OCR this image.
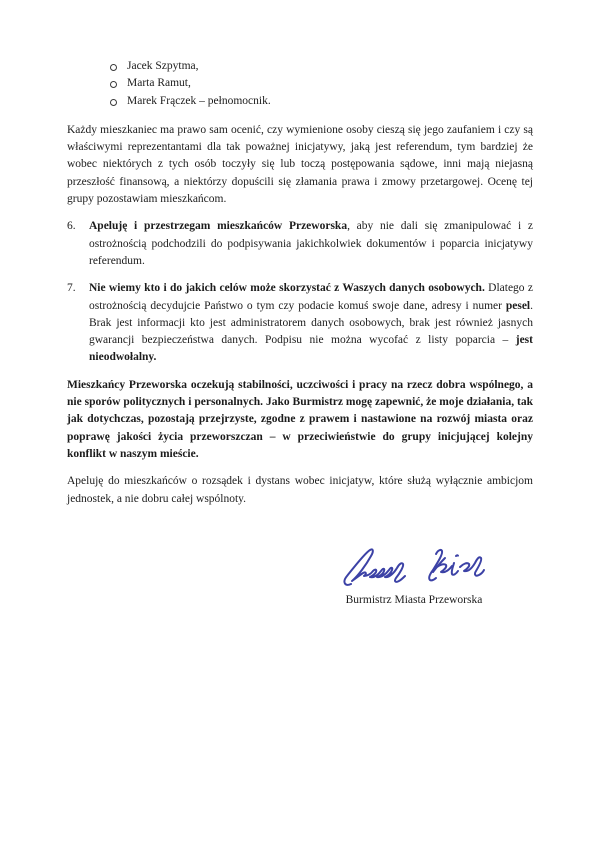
Jacek Szpytma,
Marta Ramut,
Marek Frączek – pełnomocnik.

Każdy mieszkaniec ma prawo sam ocenić, czy wymienione osoby cieszą się jego zaufaniem i czy są właściwymi reprezentantami dla tak poważnej inicjatywy, jaką jest referendum, tym bardziej że wobec niektórych z tych osób toczyły się lub toczą postępowania sądowe, inni mają niejasną przeszłość finansową, a niektórzy dopuścili się złamania prawa i zmowy przetargowej. Ocenę tej grupy pozostawiam mieszkańcom.

6.	Apeluję i przestrzegam mieszkańców Przeworska, aby nie dali się zmanipulować i z ostrożnością podchodzili do podpisywania jakichkolwiek dokumentów i poparcia inicjatywy referendum.

7.	Nie wiemy kto i do jakich celów może skorzystać z Waszych danych osobowych. Dlatego z ostrożnością decydujcie Państwo o tym czy podacie komuś swoje dane, adresy i numer pesel. Brak jest informacji kto jest administratorem danych osobowych, brak jest również jasnych gwarancji bezpieczeństwa danych. Podpisu nie można wycofać z listy poparcia – jest nieodwołalny.

Mieszkańcy Przeworska oczekują stabilności, uczciwości i pracy na rzecz dobra wspólnego, a nie sporów politycznych i personalnych. Jako Burmistrz mogę zapewnić, że moje działania, tak jak dotychczas, pozostają przejrzyste, zgodne z prawem i nastawione na rozwój miasta oraz poprawę jakości życia przeworszczan – w przeciwieństwie do grupy inicjującej kolejny konflikt w naszym mieście.

Apeluję do mieszkańców o rozsądek i dystans wobec inicjatyw, które służą wyłącznie ambicjom jednostek, a nie dobru całej wspólnoty.

Burmistrz Miasta Przeworska
